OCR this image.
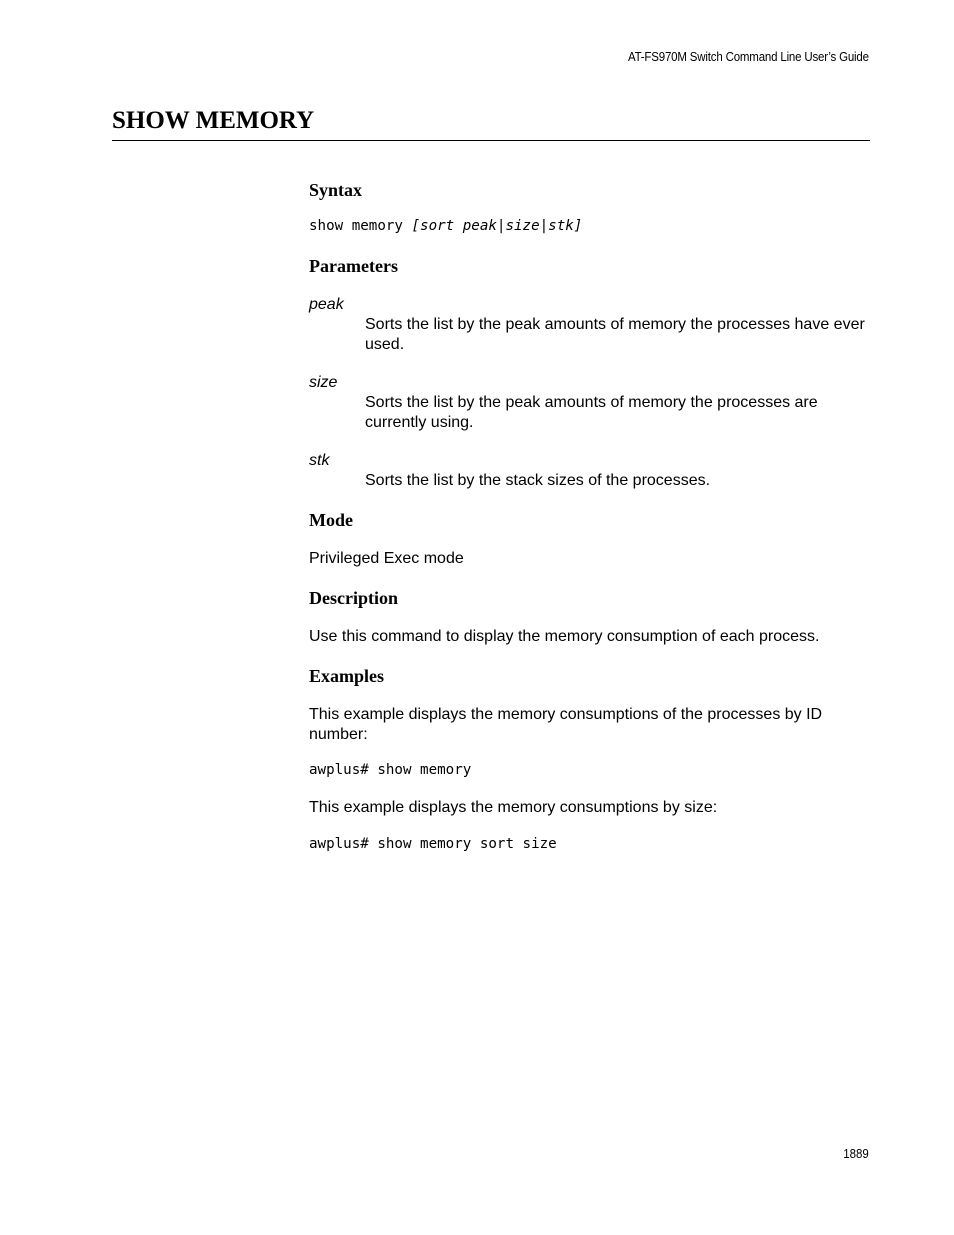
AT-FS970M Switch Command Line User’s Guide
SHOW MEMORY
Syntax
show memory [sort peak|size|stk]
Parameters
peak
Sorts the list by the peak amounts of memory the processes have ever used.
size
Sorts the list by the peak amounts of memory the processes are currently using.
stk
Sorts the list by the stack sizes of the processes.
Mode
Privileged Exec mode
Description
Use this command to display the memory consumption of each process.
Examples
This example displays the memory consumptions of the processes by ID number:
awplus# show memory
This example displays the memory consumptions by size:
awplus# show memory sort size
1889
